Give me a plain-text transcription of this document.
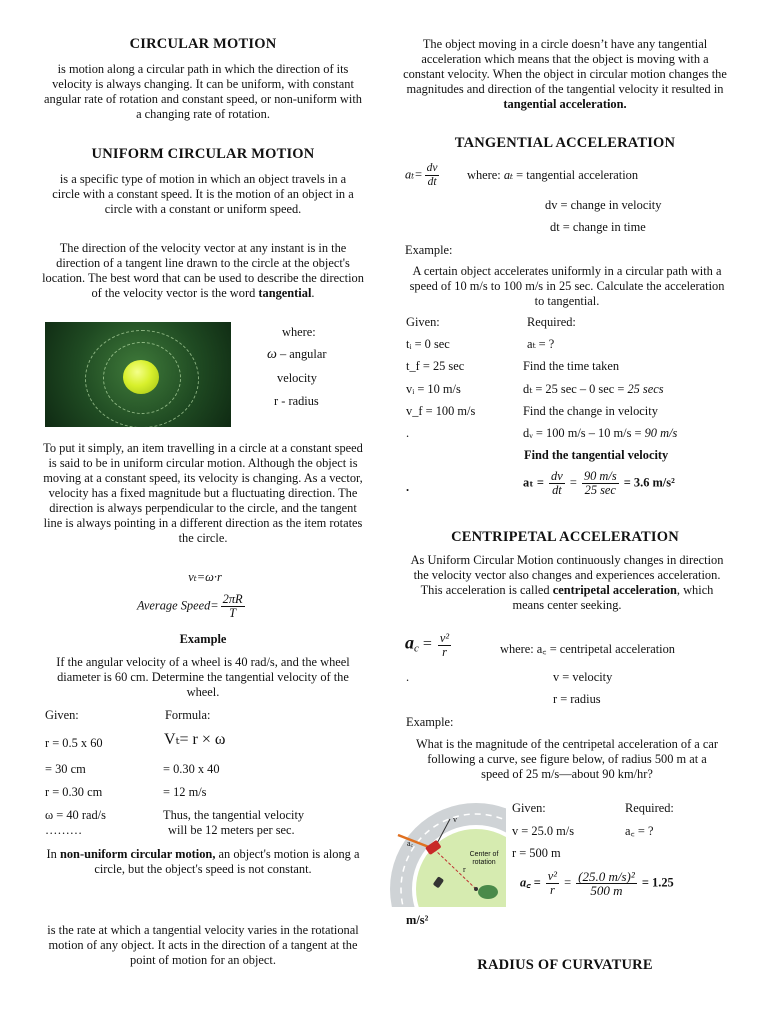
CIRCULAR MOTION
is motion along a circular path in which the direction of its velocity is always changing. It can be uniform, with constant angular rate of rotation and constant speed, or non-uniform with a changing rate of rotation.
UNIFORM CIRCULAR MOTION
is a specific type of motion in which an object travels in a circle with a constant speed. It is the motion of an object in a circle with a constant or uniform speed.
The direction of the velocity vector at any instant is in the direction of a tangent line drawn to the circle at the object's location. The best word that can be used to describe the direction of the velocity vector is the word tangential.
where:
ω – angular
velocity
r - radius
To put it simply, an item travelling in a circle at a constant speed is said to be in uniform circular motion. Although the object is moving at a constant speed, its velocity is changing. As a vector, velocity has a fixed magnitude but a fluctuating direction. The direction is always perpendicular to the circle, and the tangent line is always pointing in a different direction as the item rotates the circle.
vₜ=ω·r
Average Speed= $\frac{2\pi R}{T}$
Example
If the angular velocity of a wheel is 40 rad/s, and the wheel diameter is 60 cm. Determine the tangential velocity of the wheel.
Given:	Formula:
r = 0.5 x 60	Vₜ= r × ω
= 30 cm	= 0.30 x 40
r = 0.30 cm	= 12 m/s
ω = 40 rad/s	Thus, the tangential velocity
………	will be 12 meters per sec.
In non-uniform circular motion, an object's motion is along a circle, but the object's speed is not constant.
is the rate at which a tangential velocity varies in the rotational motion of any object. It acts in the direction of a tangent at the point of motion for an object.
The object moving in a circle doesn’t have any tangential acceleration which means that the object is moving with a constant velocity. When the object in circular motion changes the magnitudes and direction of the tangential velocity it resulted in tangential acceleration.
TANGENTIAL ACCELERATION
$a_t= \frac{dv}{dt}$ where: aₜ = tangential acceleration
dv = change in velocity
dt = change in time
Example:
A certain object accelerates uniformly in a circular path with a speed of 10 m/s to 100 m/s in 25 sec. Calculate the acceleration to tangential.
Given:	Required:
tᵢ = 0 sec	aₜ = ?
t_f = 25 sec	Find the time taken
vᵢ = 10 m/s	dₜ = 25 sec – 0 sec = 25 secs
v_f = 100 m/s	Find the change in velocity
.	dᵥ = 100 m/s – 10 m/s = 90 m/s
Find the tangential velocity
.	$a_t = \frac{dv}{dt} = \frac{90 m/s}{25 \sec} = 3.6$ m/s²
CENTRIPETAL ACCELERATION
As Uniform Circular Motion continuously changes in direction the velocity vector also changes and experiences acceleration. This acceleration is called centripetal acceleration, which means center seeking.
ac = $\frac{\text{v²}}{r}$	where: a꜀ = centripetal acceleration
.	v = velocity
r = radius
Example:
What is the magnitude of the centripetal acceleration of a car following a curve, see figure below, of radius 500 m at a speed of 25 m/s—about 90 km/hr?
v
a꜀
r
Center of rotation
Given:	Required:
v = 25.0 m/s	a꜀ = ?
r = 500 m
a꜀ = $\frac{\text{v²}}{r} = \frac{\text{(25.0 m/s)²}}{500 m} = 1.25$
m/s²
RADIUS OF CURVATURE
